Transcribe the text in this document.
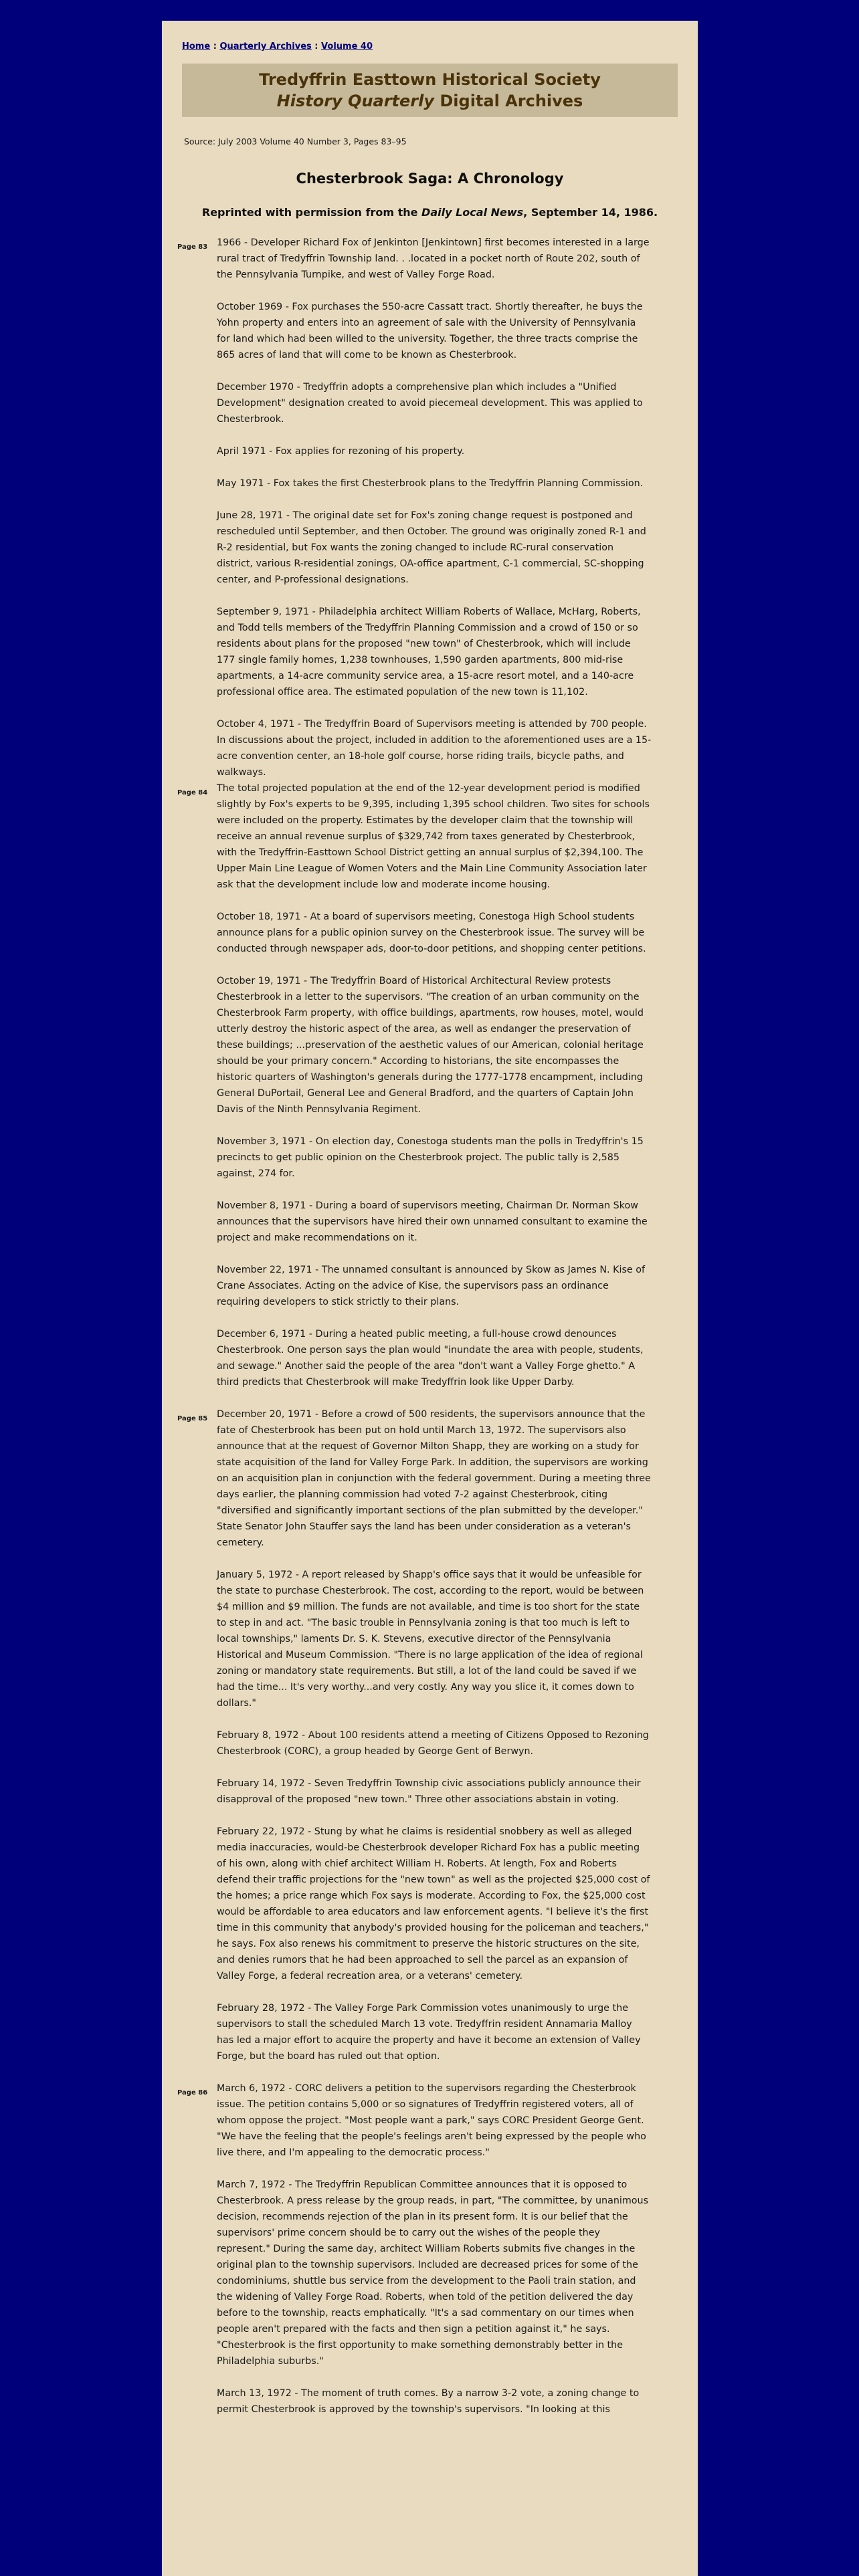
Home : Quarterly Archives : Volume 40
Tredyffrin Easttown Historical Society
History Quarterly Digital Archives
Source: July 2003 Volume 40 Number 3, Pages 83–95
Chesterbrook Saga: A Chronology
Reprinted with permission from the Daily Local News, September 14, 1986.
Page 83 1966 - Developer Richard Fox of Jenkinton [Jenkintown] first becomes interested in a large rural tract of Tredyffrin Township land. . .located in a pocket north of Route 202, south of the Pennsylvania Turnpike, and west of Valley Forge Road.
October 1969 - Fox purchases the 550-acre Cassatt tract. Shortly thereafter, he buys the Yohn property and enters into an agreement of sale with the University of Pennsylvania for land which had been willed to the university. Together, the three tracts comprise the 865 acres of land that will come to be known as Chesterbrook.
December 1970 - Tredyffrin adopts a comprehensive plan which includes a "Unified Development" designation created to avoid piecemeal development. This was applied to Chesterbrook.
April 1971 - Fox applies for rezoning of his property.
May 1971 - Fox takes the first Chesterbrook plans to the Tredyffrin Planning Commission.
June 28, 1971 - The original date set for Fox's zoning change request is postponed and rescheduled until September, and then October. The ground was originally zoned R-1 and R-2 residential, but Fox wants the zoning changed to include RC-rural conservation district, various R-residential zonings, OA-office apartment, C-1 commercial, SC-shopping center, and P-professional designations.
September 9, 1971 - Philadelphia architect William Roberts of Wallace, McHarg, Roberts, and Todd tells members of the Tredyffrin Planning Commission and a crowd of 150 or so residents about plans for the proposed "new town" of Chesterbrook, which will include 177 single family homes, 1,238 townhouses, 1,590 garden apartments, 800 mid-rise apartments, a 14-acre community service area, a 15-acre resort motel, and a 140-acre professional office area. The estimated population of the new town is 11,102.
October 4, 1971 - The Tredyffrin Board of Supervisors meeting is attended by 700 people. In discussions about the project, included in addition to the aforementioned uses are a 15-acre convention center, an 18-hole golf course, horse riding trails, bicycle paths, and walkways.
Page 84 The total projected population at the end of the 12-year development period is modified slightly by Fox's experts to be 9,395, including 1,395 school children. Two sites for schools were included on the property. Estimates by the developer claim that the township will receive an annual revenue surplus of $329,742 from taxes generated by Chesterbrook, with the Tredyffrin-Easttown School District getting an annual surplus of $2,394,100. The Upper Main Line League of Women Voters and the Main Line Community Association later ask that the development include low and moderate income housing.
October 18, 1971 - At a board of supervisors meeting, Conestoga High School students announce plans for a public opinion survey on the Chesterbrook issue. The survey will be conducted through newspaper ads, door-to-door petitions, and shopping center petitions.
October 19, 1971 - The Tredyffrin Board of Historical Architectural Review protests Chesterbrook in a letter to the supervisors. "The creation of an urban community on the Chesterbrook Farm property, with office buildings, apartments, row houses, motel, would utterly destroy the historic aspect of the area, as well as endanger the preservation of these buildings; ...preservation of the aesthetic values of our American, colonial heritage should be your primary concern." According to historians, the site encompasses the historic quarters of Washington's generals during the 1777-1778 encampment, including General DuPortail, General Lee and General Bradford, and the quarters of Captain John Davis of the Ninth Pennsylvania Regiment.
November 3, 1971 - On election day, Conestoga students man the polls in Tredyffrin's 15 precincts to get public opinion on the Chesterbrook project. The public tally is 2,585 against, 274 for.
November 8, 1971 - During a board of supervisors meeting, Chairman Dr. Norman Skow announces that the supervisors have hired their own unnamed consultant to examine the project and make recommendations on it.
November 22, 1971 - The unnamed consultant is announced by Skow as James N. Kise of Crane Associates. Acting on the advice of Kise, the supervisors pass an ordinance requiring developers to stick strictly to their plans.
December 6, 1971 - During a heated public meeting, a full-house crowd denounces Chesterbrook. One person says the plan would "inundate the area with people, students, and sewage." Another said the people of the area "don't want a Valley Forge ghetto." A third predicts that Chesterbrook will make Tredyffrin look like Upper Darby.
Page 85 December 20, 1971 - Before a crowd of 500 residents, the supervisors announce that the fate of Chesterbrook has been put on hold until March 13, 1972. The supervisors also announce that at the request of Governor Milton Shapp, they are working on a study for state acquisition of the land for Valley Forge Park. In addition, the supervisors are working on an acquisition plan in conjunction with the federal government. During a meeting three days earlier, the planning commission had voted 7-2 against Chesterbrook, citing "diversified and significantly important sections of the plan submitted by the developer." State Senator John Stauffer says the land has been under consideration as a veteran's cemetery.
January 5, 1972 - A report released by Shapp's office says that it would be unfeasible for the state to purchase Chesterbrook. The cost, according to the report, would be between $4 million and $9 million. The funds are not available, and time is too short for the state to step in and act. "The basic trouble in Pennsylvania zoning is that too much is left to local townships," laments Dr. S. K. Stevens, executive director of the Pennsylvania Historical and Museum Commission. "There is no large application of the idea of regional zoning or mandatory state requirements. But still, a lot of the land could be saved if we had the time... It's very worthy...and very costly. Any way you slice it, it comes down to dollars."
February 8, 1972 - About 100 residents attend a meeting of Citizens Opposed to Rezoning Chesterbrook (CORC), a group headed by George Gent of Berwyn.
February 14, 1972 - Seven Tredyffrin Township civic associations publicly announce their disapproval of the proposed "new town." Three other associations abstain in voting.
February 22, 1972 - Stung by what he claims is residential snobbery as well as alleged media inaccuracies, would-be Chesterbrook developer Richard Fox has a public meeting of his own, along with chief architect William H. Roberts. At length, Fox and Roberts defend their traffic projections for the "new town" as well as the projected $25,000 cost of the homes; a price range which Fox says is moderate. According to Fox, the $25,000 cost would be affordable to area educators and law enforcement agents. "I believe it's the first time in this community that anybody's provided housing for the policeman and teachers," he says. Fox also renews his commitment to preserve the historic structures on the site, and denies rumors that he had been approached to sell the parcel as an expansion of Valley Forge, a federal recreation area, or a veterans' cemetery.
February 28, 1972 - The Valley Forge Park Commission votes unanimously to urge the supervisors to stall the scheduled March 13 vote. Tredyffrin resident Annamaria Malloy has led a major effort to acquire the property and have it become an extension of Valley Forge, but the board has ruled out that option.
Page 86 March 6, 1972 - CORC delivers a petition to the supervisors regarding the Chesterbrook issue. The petition contains 5,000 or so signatures of Tredyffrin registered voters, all of whom oppose the project. "Most people want a park," says CORC President George Gent. "We have the feeling that the people's feelings aren't being expressed by the people who live there, and I'm appealing to the democratic process."
March 7, 1972 - The Tredyffrin Republican Committee announces that it is opposed to Chesterbrook. A press release by the group reads, in part, "The committee, by unanimous decision, recommends rejection of the plan in its present form. It is our belief that the supervisors' prime concern should be to carry out the wishes of the people they represent." During the same day, architect William Roberts submits five changes in the original plan to the township supervisors. Included are decreased prices for some of the condominiums, shuttle bus service from the development to the Paoli train station, and the widening of Valley Forge Road. Roberts, when told of the petition delivered the day before to the township, reacts emphatically. "It's a sad commentary on our times when people aren't prepared with the facts and then sign a petition against it," he says. "Chesterbrook is the first opportunity to make something demonstrably better in the Philadelphia suburbs."
March 13, 1972 - The moment of truth comes. By a narrow 3-2 vote, a zoning change to permit Chesterbrook is approved by the township's supervisors. "In looking at this
